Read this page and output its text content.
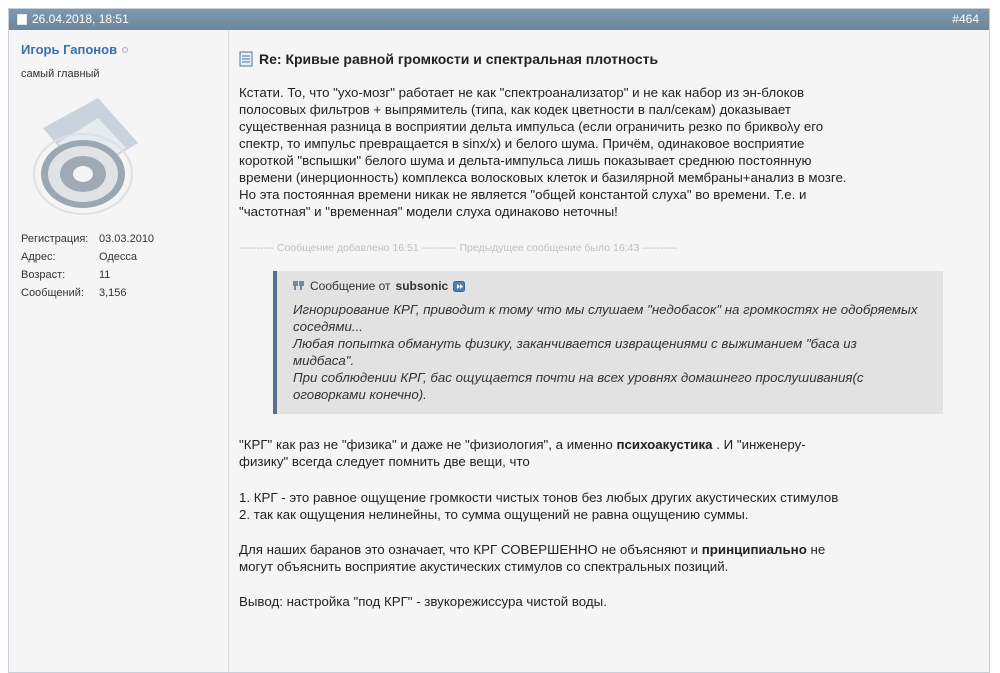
26.04.2018, 18:51	#464
Игорь Гапонов
самый главный
Регистрация: 03.03.2010
Адрес:	Одесса
Возраст:	11
Сообщений:	3,156
Re: Кривые равной громкости и спектральная плотность
Кстати. То, что "ухо-мозг" работает не как "спектроанализатор" и не как набор из эн-блоков
полосовых фильтров + выпрямитель (типа, как кодек цветности в пал/секам) доказывает
существенная разница в восприятии дельта импульса (если ограничить резко по бриквολу его
спектр, то импульс превращается в sinx/x) и белого шума. Причём, одинаковое восприятие
короткой "вспышки" белого шума и дельта-импульса лишь показывает среднюю постоянную
времени (инерционность) комплекса волосковых клеток и базилярной мембраны+анализ в мозге.
Но эта постоянная времени никак не является "общей константой слуха" во времени. Т.е. и
"частотная" и "временная" модели слуха одинаково неточны!
---------- Сообщение добавлено 16:51 ---------- Предыдущее сообщение было 16:43 ----------
Сообщение от subsonic
Игнорирование КРГ, приводит к тому что мы слушаем "недобасок" на громкостях не одобряемых
соседями...
Любая попытка обмануть физику, заканчивается извращениями с выжиманием "баса из
мидбаса".
При соблюдении КРГ, бас ощущается почти на всех уровнях домашнего прослушивания(с
оговорками конечно).
"КРГ" как раз не "физика" и даже не "физиология", а именно психоакустика . И "инженеру-
физику" всегда следует помнить две вещи, что
1. КРГ - это равное ощущение громкости чистых тонов без любых других акустических стимулов
2. так как ощущения нелинейны, то сумма ощущений не равна ощущению суммы.
Для наших баранов это означает, что КРГ СОВЕРШЕННО не объясняют и принципиально не
могут объяснить восприятие акустических стимулов со спектральных позиций.
Вывод: настройка "под КРГ" - звукорежиссура чистой воды.
